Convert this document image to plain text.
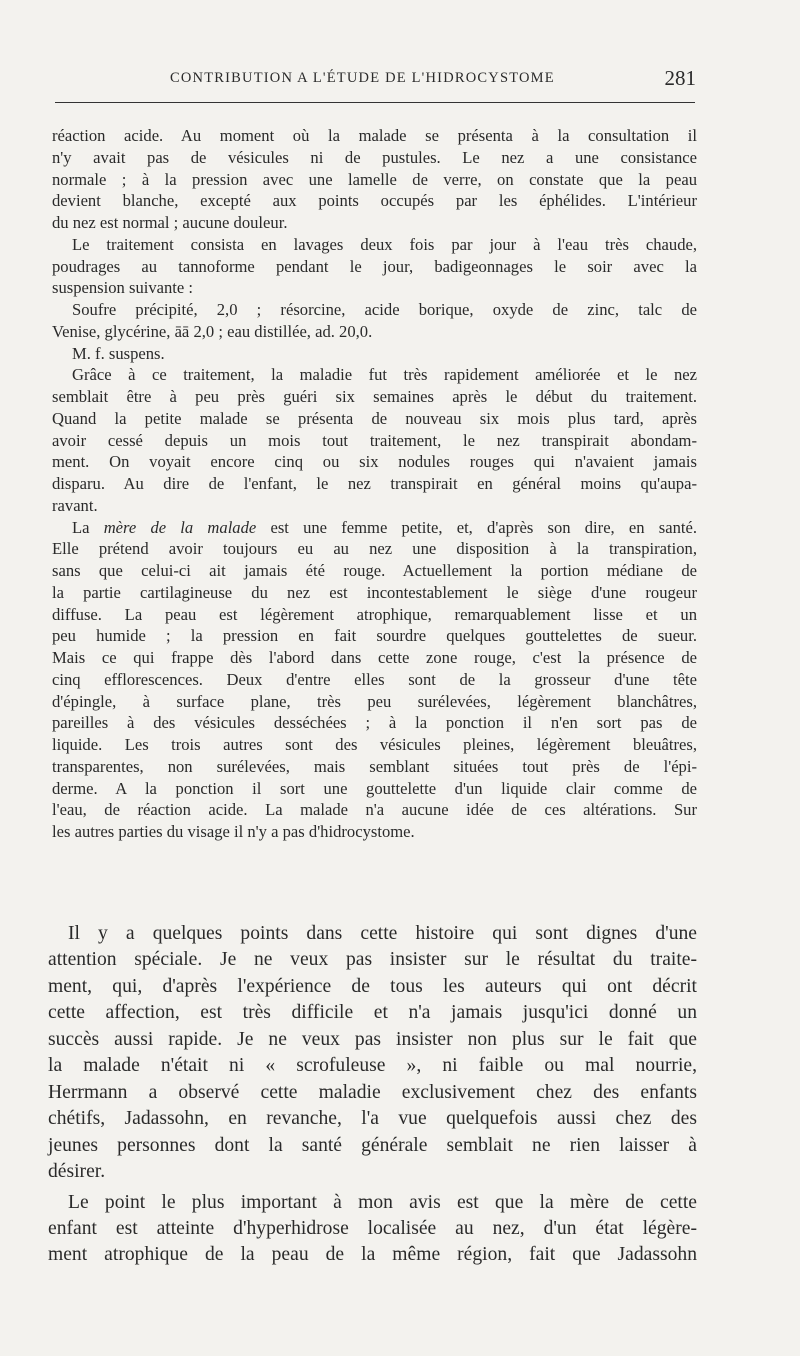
CONTRIBUTION A L'ÉTUDE DE L'HIDROCYSTOME	281
réaction acide. Au moment où la malade se présenta à la consultation il
n'y avait pas de vésicules ni de pustules. Le nez a une consistance
normale ; à la pression avec une lamelle de verre, on constate que la peau
devient blanche, excepté aux points occupés par les éphélides. L'intérieur
du nez est normal ; aucune douleur.
Le traitement consista en lavages deux fois par jour à l'eau très chaude,
poudrages au tannoforme pendant le jour, badigeonnages le soir avec la
suspension suivante :
Soufre précipité, 2,0 ; résorcine, acide borique, oxyde de zinc, talc de
Venise, glycérine, āā 2,0 ; eau distillée, ad. 20,0.
M. f. suspens.
Grâce à ce traitement, la maladie fut très rapidement améliorée et le nez
semblait être à peu près guéri six semaines après le début du traitement.
Quand la petite malade se présenta de nouveau six mois plus tard, après
avoir cessé depuis un mois tout traitement, le nez transpirait abondam-
ment. On voyait encore cinq ou six nodules rouges qui n'avaient jamais
disparu. Au dire de l'enfant, le nez transpirait en général moins qu'aupa-
ravant.
La mère de la malade est une femme petite, et, d'après son dire, en santé.
Elle prétend avoir toujours eu au nez une disposition à la transpiration,
sans que celui-ci ait jamais été rouge. Actuellement la portion médiane de
la partie cartilagineuse du nez est incontestablement le siège d'une rougeur
diffuse. La peau est légèrement atrophique, remarquablement lisse et un
peu humide ; la pression en fait sourdre quelques gouttelettes de sueur.
Mais ce qui frappe dès l'abord dans cette zone rouge, c'est la présence de
cinq efflorescences. Deux d'entre elles sont de la grosseur d'une tête
d'épingle, à surface plane, très peu surélevées, légèrement blanchâtres,
pareilles à des vésicules desséchées ; à la ponction il n'en sort pas de
liquide. Les trois autres sont des vésicules pleines, légèrement bleuâtres,
transparentes, non surélevées, mais semblant situées tout près de l'épi-
derme. A la ponction il sort une gouttelette d'un liquide clair comme de
l'eau, de réaction acide. La malade n'a aucune idée de ces altérations. Sur
les autres parties du visage il n'y a pas d'hidrocystome.
Il y a quelques points dans cette histoire qui sont dignes d'une
attention spéciale. Je ne veux pas insister sur le résultat du traite-
ment, qui, d'après l'expérience de tous les auteurs qui ont décrit
cette affection, est très difficile et n'a jamais jusqu'ici donné un
succès aussi rapide. Je ne veux pas insister non plus sur le fait que
la malade n'était ni « scrofuleuse », ni faible ou mal nourrie,
Herrmann a observé cette maladie exclusivement chez des enfants
chétifs, Jadassohn, en revanche, l'a vue quelquefois aussi chez des
jeunes personnes dont la santé générale semblait ne rien laisser à
désirer.
Le point le plus important à mon avis est que la mère de cette
enfant est atteinte d'hyperhidrose localisée au nez, d'un état légère-
ment atrophique de la peau de la même région, fait que Jadassohn
